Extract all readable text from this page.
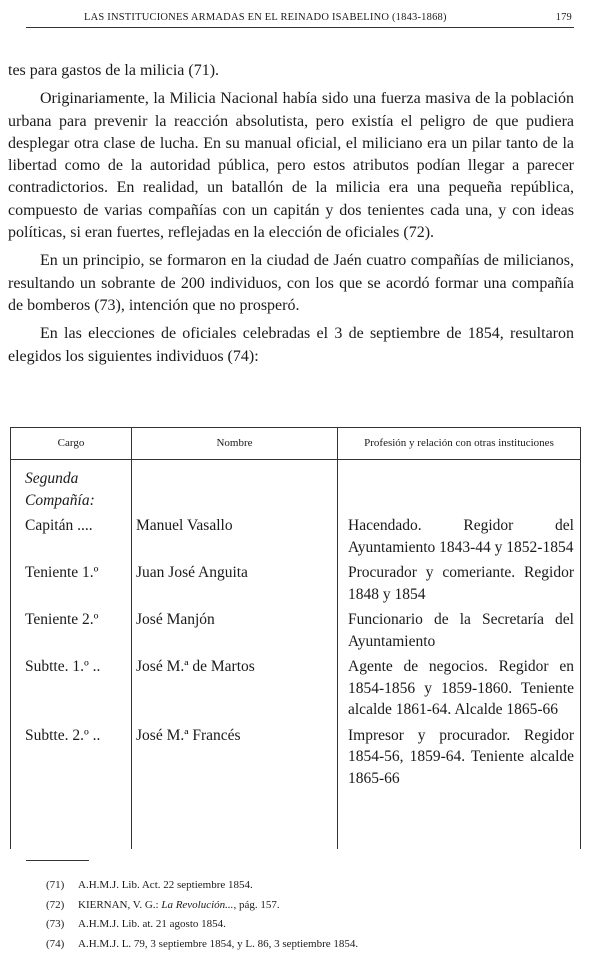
LAS INSTITUCIONES ARMADAS EN EL REINADO ISABELINO (1843-1868)	179

tes para gastos de la milicia (71).

Originariamente, la Milicia Nacional había sido una fuerza masiva de la población urbana para prevenir la reacción absolutista, pero existía el peligro de que pudiera desplegar otra clase de lucha. En su manual oficial, el miliciano era un pilar tanto de la libertad como de la autoridad pública, pero estos atributos podían llegar a parecer contradictorios. En realidad, un batallón de la milicia era una pequeña república, compuesto de varias compañías con un capitán y dos tenientes cada una, y con ideas políticas, si eran fuertes, reflejadas en la elección de oficiales (72).

En un principio, se formaron en la ciudad de Jaén cuatro compañías de milicianos, resultando un sobrante de 200 individuos, con los que se acordó formar una compañía de bomberos (73), intención que no prosperó.

En las elecciones de oficiales celebradas el 3 de septiembre de 1854, resultaron elegidos los siguientes individuos (74):

Cargo	Nombre	Profesión y relación con otras instituciones

Segunda Compañía:		
Capitán ....	Manuel Vasallo	Hacendado. Regidor del Ayuntamiento 1843-44 y 1852-1854
Teniente 1.º	Juan José Anguita	Procurador y comeriante. Regidor 1848 y 1854
Teniente 2.º	José Manjón	Funcionario de la Secretaría del Ayuntamiento
Subtte. 1.º ..	José M.ª de Martos	Agente de negocios. Regidor en 1854-1856 y 1859-1860. Teniente alcalde 1861-64. Alcalde 1865-66
Subtte. 2.º ..	José M.ª Francés	Impresor y procurador. Regidor 1854-56, 1859-64. Teniente alcalde 1865-66
(71) A.H.M.J. Lib. Act. 22 septiembre 1854.
(72) KIERNAN, V. G.: La Revolución..., pág. 157.
(73) A.H.M.J. Lib. at. 21 agosto 1854.
(74) A.H.M.J. L. 79, 3 septiembre 1854, y L. 86, 3 septiembre 1854.
